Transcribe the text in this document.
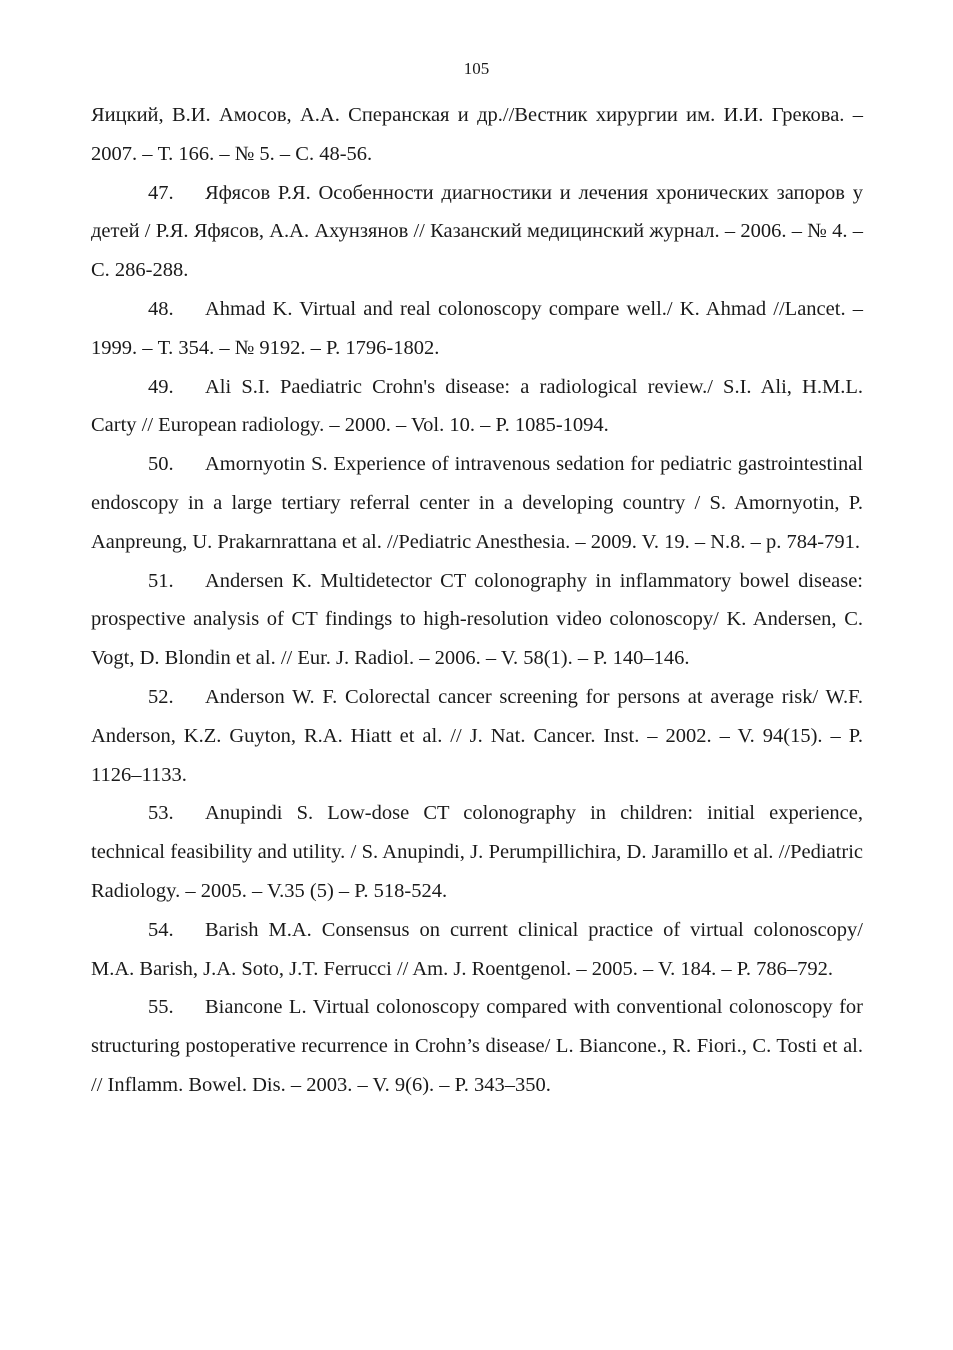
105

Яицкий, В.И. Амосов, А.А. Сперанская и др.//Вестник хирургии им. И.И. Грекова. – 2007. – Т. 166. – № 5. – С. 48-56.

47. Яфясов Р.Я. Особенности диагностики и лечения хронических запоров у детей / Р.Я. Яфясов, А.А. Ахунзянов // Казанский медицинский журнал. – 2006. – № 4. – С. 286-288.

48. Ahmad K. Virtual and real colonoscopy compare well./ K. Ahmad //Lancet. – 1999. – Т. 354. – № 9192. – P. 1796-1802.

49. Ali S.I. Paediatric Crohn's disease: a radiological review./ S.I. Ali, H.M.L. Carty // European radiology. – 2000. – Vol. 10. – P. 1085-1094.

50. Amornyotin S. Experience of intravenous sedation for pediatric gastrointestinal endoscopy in a large tertiary referral center in a developing country / S. Amornyotin, P. Aanpreung, U. Prakarnrattana et al. //Pediatric Anesthesia. – 2009. V. 19. – N.8. – p. 784-791.

51. Andersen K. Multidetector CT colonography in inflammatory bowel disease: prospective analysis of CT findings to high-resolution video colonoscopy/ K. Andersen, C. Vogt, D. Blondin et al. // Eur. J. Radiol. – 2006. – V. 58(1). – P. 140–146.

52. Anderson W. F. Colorectal cancer screening for persons at average risk/ W.F. Anderson, K.Z. Guyton, R.A. Hiatt et al. // J. Nat. Cancer. Inst. – 2002. – V. 94(15). – P. 1126–1133.

53. Anupindi S. Low-dose CT colonography in children: initial experience, technical feasibility and utility. / S. Anupindi, J. Perumpillichira, D. Jaramillo et al. //Pediatric Radiology. – 2005. – V.35 (5) – P. 518-524.

54. Barish M.A. Consensus on current clinical practice of virtual colonoscopy/ M.A. Barish, J.A. Soto, J.T. Ferrucci // Am. J. Roentgenol. – 2005. – V. 184. – P. 786–792.

55. Biancone L. Virtual colonoscopy compared with conventional colonoscopy for structuring postoperative recurrence in Crohn’s disease/ L. Biancone., R. Fiori., C. Tosti et al. // Inflamm. Bowel. Dis. – 2003. – V. 9(6). – P. 343–350.
